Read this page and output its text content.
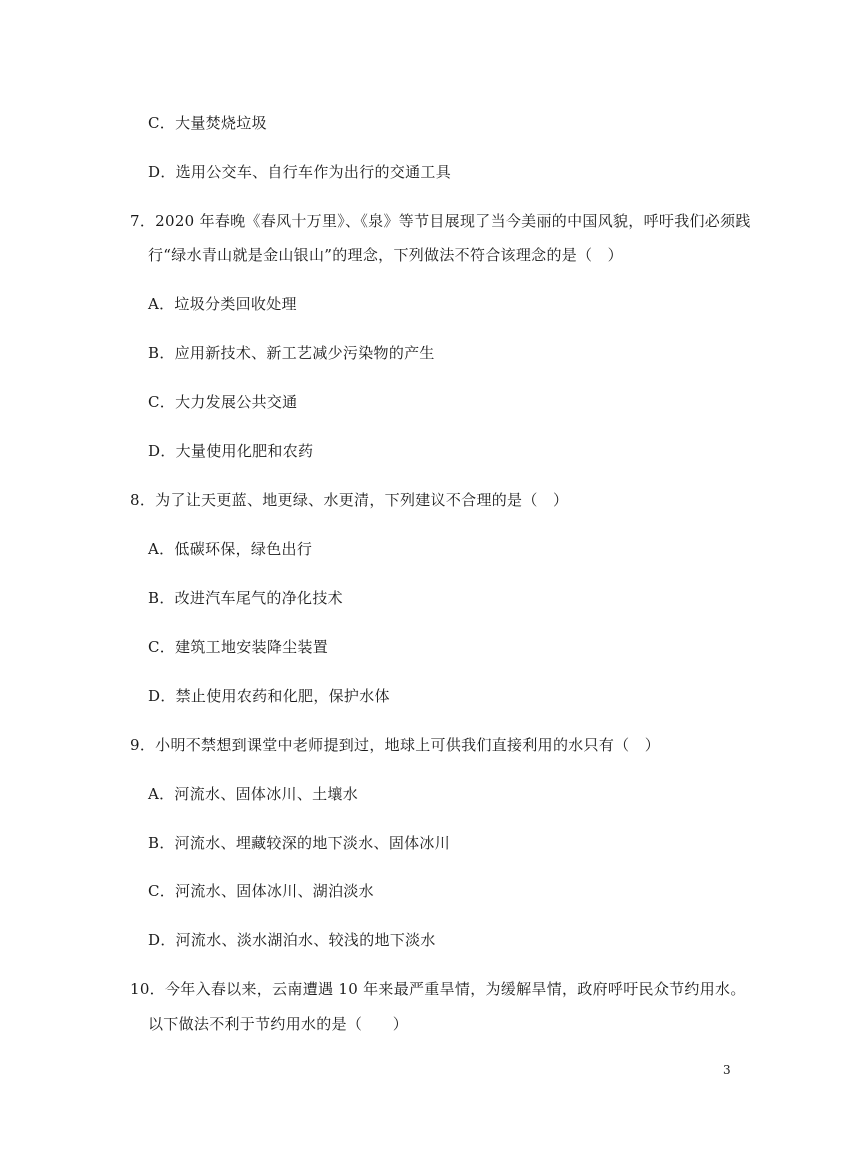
C．大量焚烧垃圾
D．选用公交车、自行车作为出行的交通工具
7．2020 年春晚《春风十万里》、《泉》等节目展现了当今美丽的中国风貌，呼吁我们必须践
行“绿水青山就是金山银山”的理念，下列做法不符合该理念的是（　）
A．垃圾分类回收处理
B．应用新技术、新工艺减少污染物的产生
C．大力发展公共交通
D．大量使用化肥和农药
8．为了让天更蓝、地更绿、水更清，下列建议不合理的是（　）
A．低碳环保，绿色出行
B．改进汽车尾气的净化技术
C．建筑工地安装降尘装置
D．禁止使用农药和化肥，保护水体
9．小明不禁想到课堂中老师提到过，地球上可供我们直接利用的水只有（　）
A．河流水、固体冰川、土壤水
B．河流水、埋藏较深的地下淡水、固体冰川
C．河流水、固体冰川、湖泊淡水
D．河流水、淡水湖泊水、较浅的地下淡水
10．今年入春以来，云南遭遇 10 年来最严重旱情，为缓解旱情，政府呼吁民众节约用水。
以下做法不利于节约用水的是（　　）
3
